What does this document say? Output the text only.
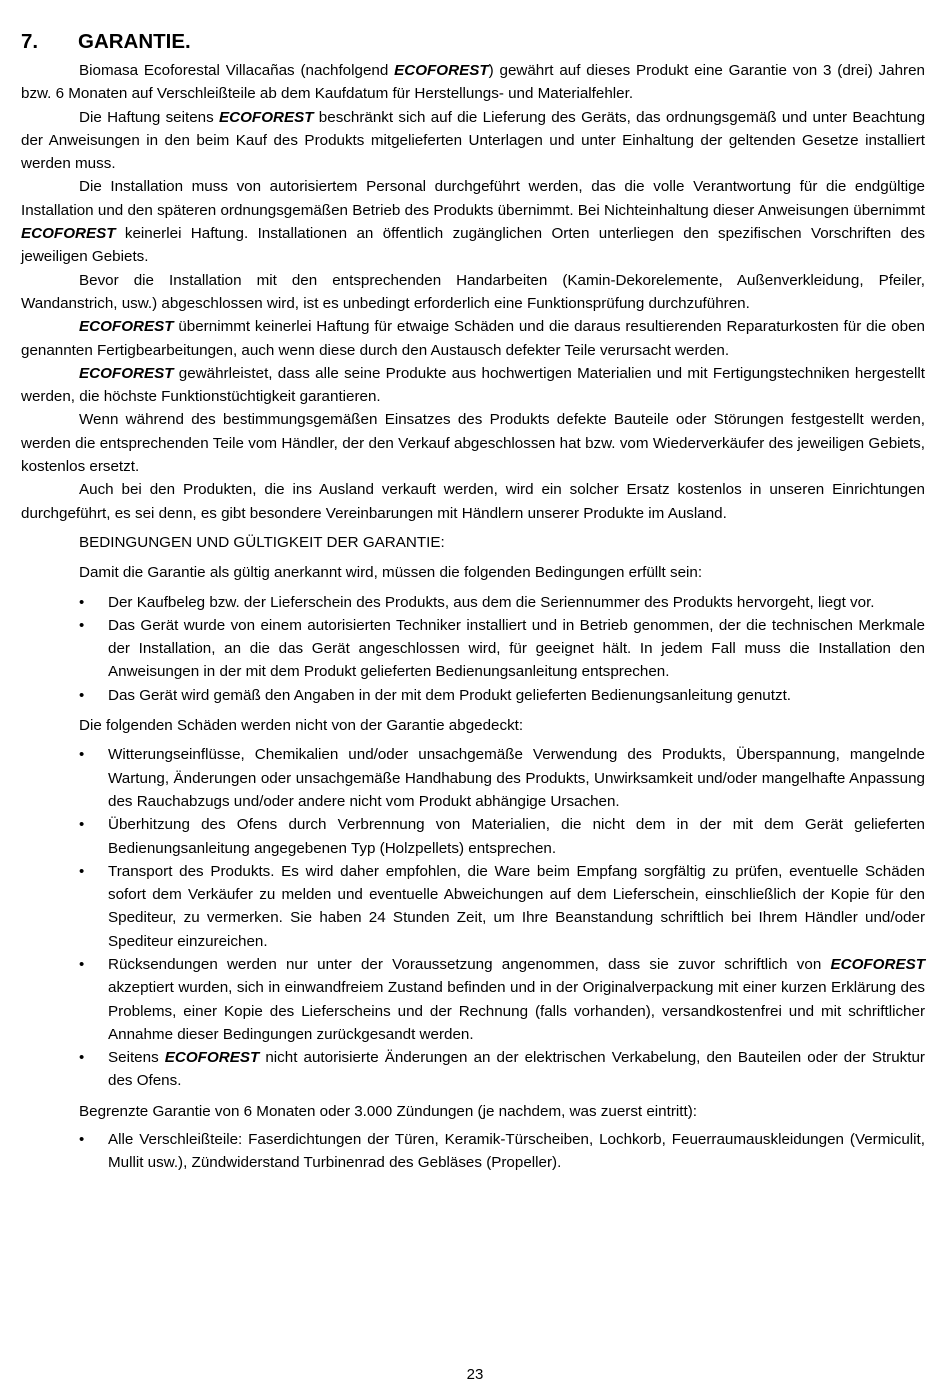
7.	GARANTIE.

Biomasa Ecoforestal Villacañas (nachfolgend ECOFOREST) gewährt auf dieses Produkt eine Garantie von 3 (drei) Jahren bzw. 6 Monaten auf Verschleißteile ab dem Kaufdatum für Herstellungs- und Materialfehler.

Die Haftung seitens ECOFOREST beschränkt sich auf die Lieferung des Geräts, das ordnungsgemäß und unter Beachtung der Anweisungen in den beim Kauf des Produkts mitgelieferten Unterlagen und unter Einhaltung der geltenden Gesetze installiert werden muss.

Die Installation muss von autorisiertem Personal durchgeführt werden, das die volle Verantwortung für die endgültige Installation und den späteren ordnungsgemäßen Betrieb des Produkts übernimmt. Bei Nichteinhaltung dieser Anweisungen übernimmt ECOFOREST keinerlei Haftung. Installationen an öffentlich zugänglichen Orten unterliegen den spezifischen Vorschriften des jeweiligen Gebiets.

Bevor die Installation mit den entsprechenden Handarbeiten (Kamin-Dekorelemente, Außenverkleidung, Pfeiler, Wandanstrich, usw.) abgeschlossen wird, ist es unbedingt erforderlich eine Funktionsprüfung durchzuführen.

ECOFOREST übernimmt keinerlei Haftung für etwaige Schäden und die daraus resultierenden Reparaturkosten für die oben genannten Fertigbearbeitungen, auch wenn diese durch den Austausch defekter Teile verursacht werden.

ECOFOREST gewährleistet, dass alle seine Produkte aus hochwertigen Materialien und mit Fertigungstechniken hergestellt werden, die höchste Funktionstüchtigkeit garantieren.

Wenn während des bestimmungsgemäßen Einsatzes des Produkts defekte Bauteile oder Störungen festgestellt werden, werden die entsprechenden Teile vom Händler, der den Verkauf abgeschlossen hat bzw. vom Wiederverkäufer des jeweiligen Gebiets, kostenlos ersetzt.

Auch bei den Produkten, die ins Ausland verkauft werden, wird ein solcher Ersatz kostenlos in unseren Einrichtungen durchgeführt, es sei denn, es gibt besondere Vereinbarungen mit Händlern unserer Produkte im Ausland.

BEDINGUNGEN UND GÜLTIGKEIT DER GARANTIE:

Damit die Garantie als gültig anerkannt wird, müssen die folgenden Bedingungen erfüllt sein:

• Der Kaufbeleg bzw. der Lieferschein des Produkts, aus dem die Seriennummer des Produkts hervorgeht, liegt vor.
• Das Gerät wurde von einem autorisierten Techniker installiert und in Betrieb genommen, der die technischen Merkmale der Installation, an die das Gerät angeschlossen wird, für geeignet hält. In jedem Fall muss die Installation den Anweisungen in der mit dem Produkt gelieferten Bedienungsanleitung entsprechen.
• Das Gerät wird gemäß den Angaben in der mit dem Produkt gelieferten Bedienungsanleitung genutzt.

Die folgenden Schäden werden nicht von der Garantie abgedeckt:

• Witterungseinflüsse, Chemikalien und/oder unsachgemäße Verwendung des Produkts, Überspannung, mangelnde Wartung, Änderungen oder unsachgemäße Handhabung des Produkts, Unwirksamkeit und/oder mangelhafte Anpassung des Rauchabzugs und/oder andere nicht vom Produkt abhängige Ursachen.
• Überhitzung des Ofens durch Verbrennung von Materialien, die nicht dem in der mit dem Gerät gelieferten Bedienungsanleitung angegebenen Typ (Holzpellets) entsprechen.
• Transport des Produkts. Es wird daher empfohlen, die Ware beim Empfang sorgfältig zu prüfen, eventuelle Schäden sofort dem Verkäufer zu melden und eventuelle Abweichungen auf dem Lieferschein, einschließlich der Kopie für den Spediteur, zu vermerken. Sie haben 24 Stunden Zeit, um Ihre Beanstandung schriftlich bei Ihrem Händler und/oder Spediteur einzureichen.
• Rücksendungen werden nur unter der Voraussetzung angenommen, dass sie zuvor schriftlich von ECOFOREST akzeptiert wurden, sich in einwandfreiem Zustand befinden und in der Originalverpackung mit einer kurzen Erklärung des Problems, einer Kopie des Lieferscheins und der Rechnung (falls vorhanden), versandkostenfrei und mit schriftlicher Annahme dieser Bedingungen zurückgesandt werden.
• Seitens ECOFOREST nicht autorisierte Änderungen an der elektrischen Verkabelung, den Bauteilen oder der Struktur des Ofens.

Begrenzte Garantie von 6 Monaten oder 3.000 Zündungen (je nachdem, was zuerst eintritt):

• Alle Verschleißteile: Faserdichtungen der Türen, Keramik-Türscheiben, Lochkorb, Feuerraumauskleidungen (Vermiculit, Mullit usw.), Zündwiderstand Turbinenrad des Gebläses (Propeller).
23
